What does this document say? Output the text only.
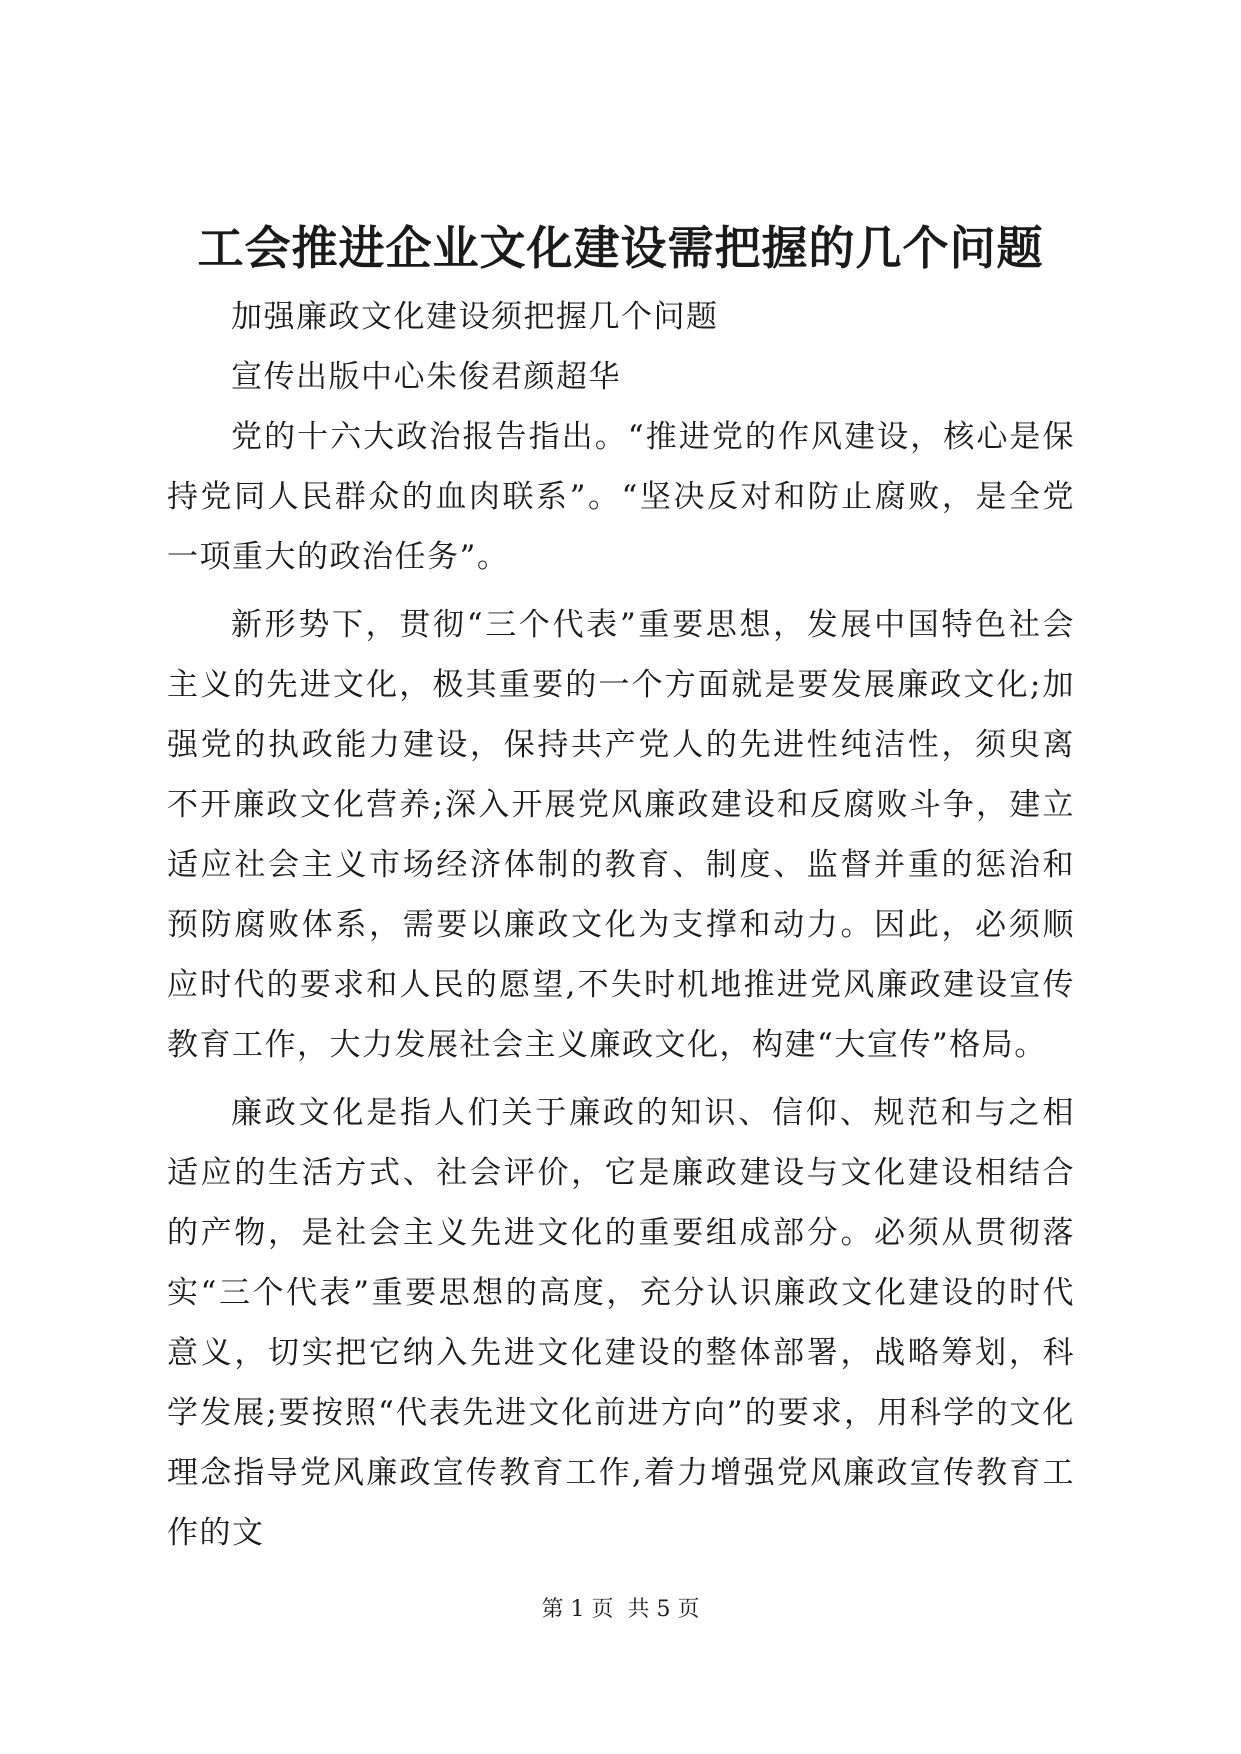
工会推进企业文化建设需把握的几个问题

加强廉政文化建设须把握几个问题

宣传出版中心朱俊君颜超华

党的十六大政治报告指出。“推进党的作风建设，核心是保持党同人民群众的血肉联系”。“坚决反对和防止腐败，是全党一项重大的政治任务”。

新形势下，贯彻“三个代表”重要思想，发展中国特色社会主义的先进文化，极其重要的一个方面就是要发展廉政文化;加强党的执政能力建设，保持共产党人的先进性纯洁性，须臾离不开廉政文化营养;深入开展党风廉政建设和反腐败斗争，建立适应社会主义市场经济体制的教育、制度、监督并重的惩治和预防腐败体系，需要以廉政文化为支撑和动力。因此，必须顺应时代的要求和人民的愿望,不失时机地推进党风廉政建设宣传教育工作，大力发展社会主义廉政文化，构建“大宣传”格局。

廉政文化是指人们关于廉政的知识、信仰、规范和与之相适应的生活方式、社会评价，它是廉政建设与文化建设相结合的产物，是社会主义先进文化的重要组成部分。必须从贯彻落实“三个代表”重要思想的高度，充分认识廉政文化建设的时代意义，切实把它纳入先进文化建设的整体部署，战略筹划，科学发展;要按照“代表先进文化前进方向”的要求，用科学的文化理念指导党风廉政宣传教育工作,着力增强党风廉政宣传教育工作的文

第 1 页 共 5 页
